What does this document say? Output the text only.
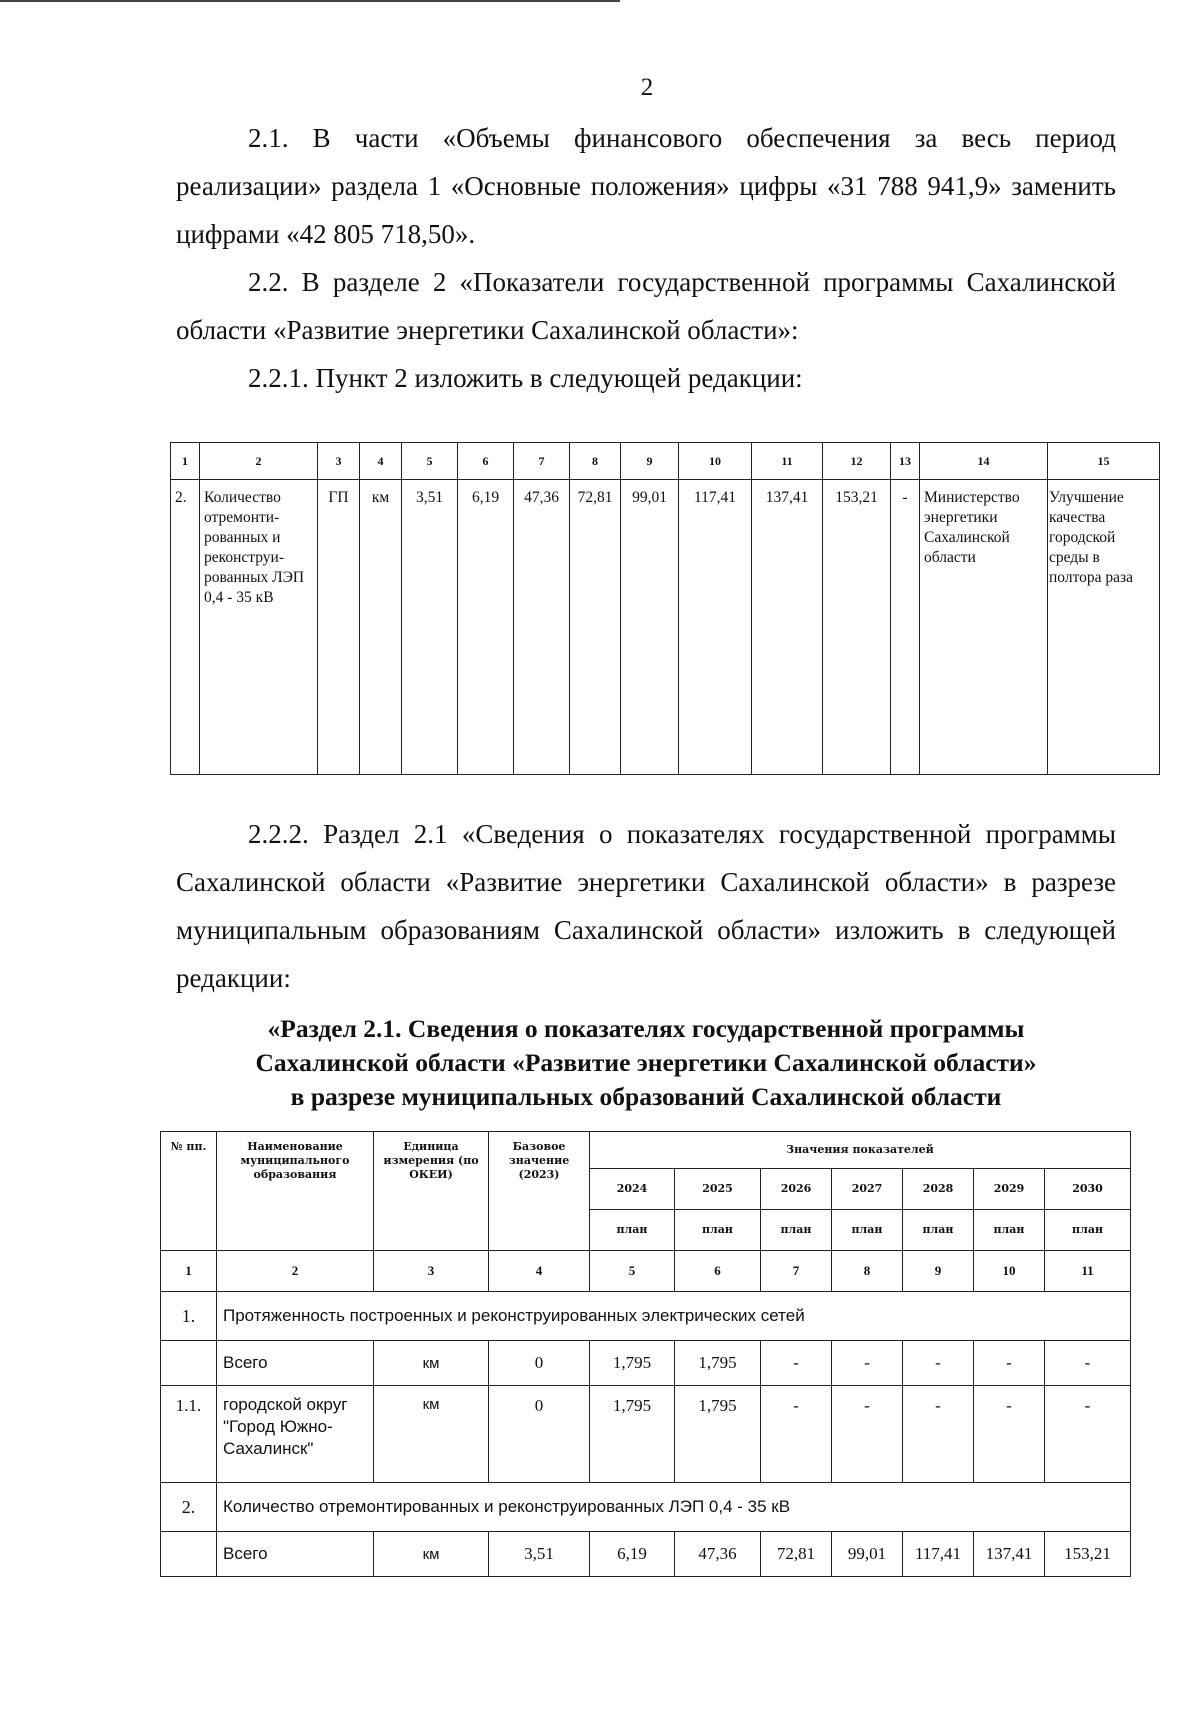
2

2.1. В части «Объемы финансового обеспечения за весь период реализации» раздела 1 «Основные положения» цифры «31 788 941,9» заменить цифрами «42 805 718,50».

2.2. В разделе 2 «Показатели государственной программы Сахалинской области «Развитие энергетики Сахалинской области»:

2.2.1. Пункт 2 изложить в следующей редакции:

1	2	3	4	5	6	7	8	9	10	11	12	13	14	15
2.	Количество отремонти-рованных и реконструи-рованных ЛЭП 0,4 - 35 кВ	ГП	км	3,51	6,19	47,36	72,81	99,01	117,41	137,41	153,21	-	Министерство энергетики Сахалинской области	Улучшение качества городской среды в полтора раза

2.2.2. Раздел 2.1 «Сведения о показателях государственной программы Сахалинской области «Развитие энергетики Сахалинской области» в разрезе муниципальным образованиям Сахалинской области» изложить в следующей редакции:

«Раздел 2.1. Сведения о показателях государственной программы
Сахалинской области «Развитие энергетики Сахалинской области»
в разрезе муниципальных образований Сахалинской области
№ пп.	Наименование муниципального образования	Единица измерения (по ОКЕИ)	Базовое значение (2023)	Значения показателей						
				2024	2025	2026	2027	2028	2029	2030
				план	план	план	план	план	план	план
1	2	3	4	5	6	7	8	9	10	11
1.	Протяженность построенных и реконструированных электрических сетей									
	Всего	км	0	1,795	1,795	-	-	-	-	-
1.1.	городской округ "Город Южно-Сахалинск"	км	0	1,795	1,795	-	-	-	-	-
2.	Количество отремонтированных и реконструированных ЛЭП 0,4 - 35 кВ									
	Всего	км	3,51	6,19	47,36	72,81	99,01	117,41	137,41	153,21
